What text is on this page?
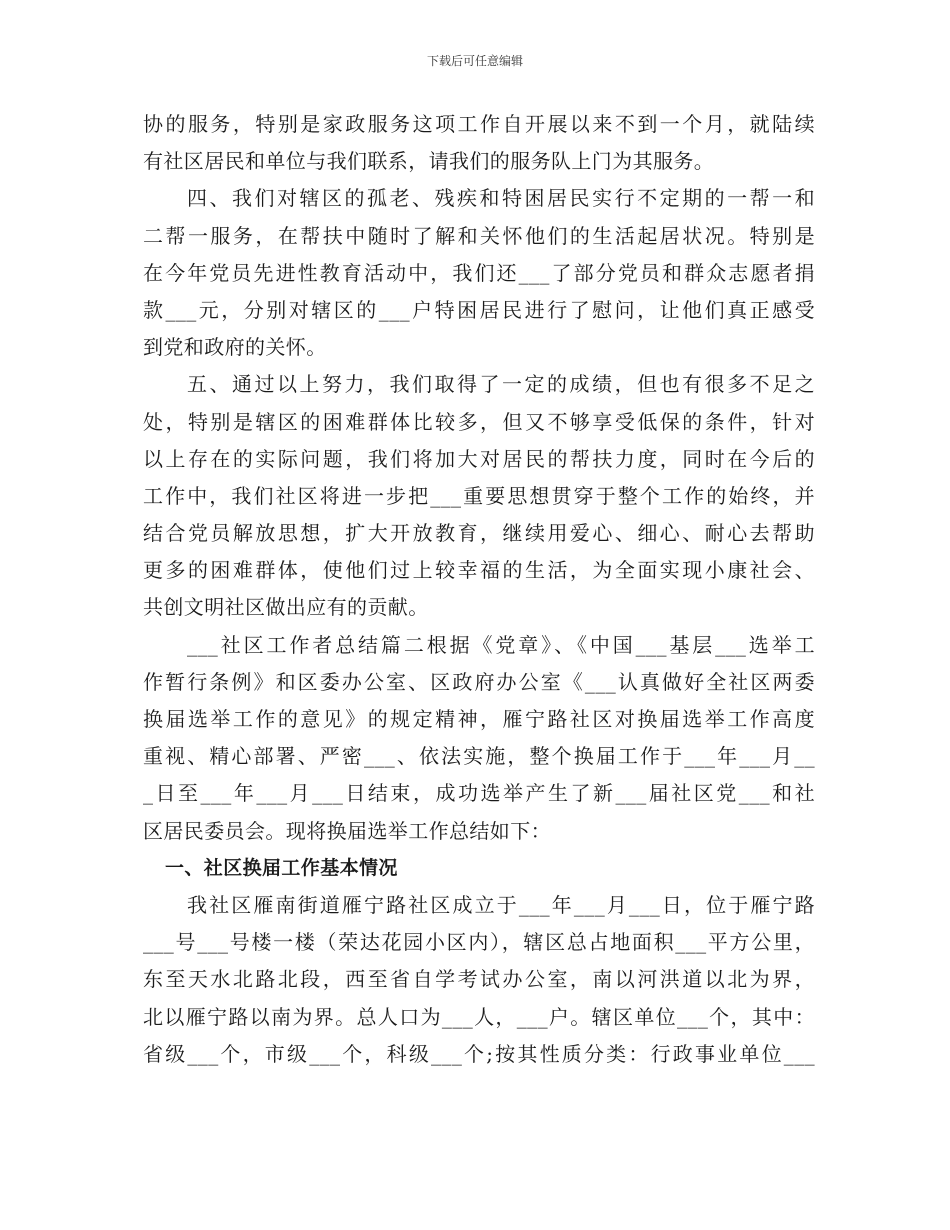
下载后可任意编辑
协的服务，特别是家政服务这项工作自开展以来不到一个月，就陆续
有社区居民和单位与我们联系，请我们的服务队上门为其服务。
四、我们对辖区的孤老、残疾和特困居民实行不定期的一帮一和
二帮一服务，在帮扶中随时了解和关怀他们的生活起居状况。特别是
在今年党员先进性教育活动中，我们还___了部分党员和群众志愿者捐
款___元，分别对辖区的___户特困居民进行了慰问，让他们真正感受
到党和政府的关怀。
五、通过以上努力，我们取得了一定的成绩，但也有很多不足之
处，特别是辖区的困难群体比较多，但又不够享受低保的条件，针对
以上存在的实际问题，我们将加大对居民的帮扶力度，同时在今后的
工作中，我们社区将进一步把___重要思想贯穿于整个工作的始终，并
结合党员解放思想，扩大开放教育，继续用爱心、细心、耐心去帮助
更多的困难群体，使他们过上较幸福的生活，为全面实现小康社会、
共创文明社区做出应有的贡献。
___社区工作者总结篇二根据《党章》、《中国___基层___选举工
作暂行条例》和区委办公室、区政府办公室《___认真做好全社区两委
换届选举工作的意见》的规定精神，雁宁路社区对换届选举工作高度
重视、精心部署、严密___、依法实施，整个换届工作于___年___月__
_日至___年___月___日结束，成功选举产生了新___届社区党___和社
区居民委员会。现将换届选举工作总结如下：
一、社区换届工作基本情况
我社区雁南街道雁宁路社区成立于___年___月___日，位于雁宁路
___号___号楼一楼（荣达花园小区内），辖区总占地面积___平方公里，
东至天水北路北段，西至省自学考试办公室，南以河洪道以北为界，
北以雁宁路以南为界。总人口为___人，___户。辖区单位___个，其中：
省级___个，市级___个，科级___个;按其性质分类：行政事业单位___
